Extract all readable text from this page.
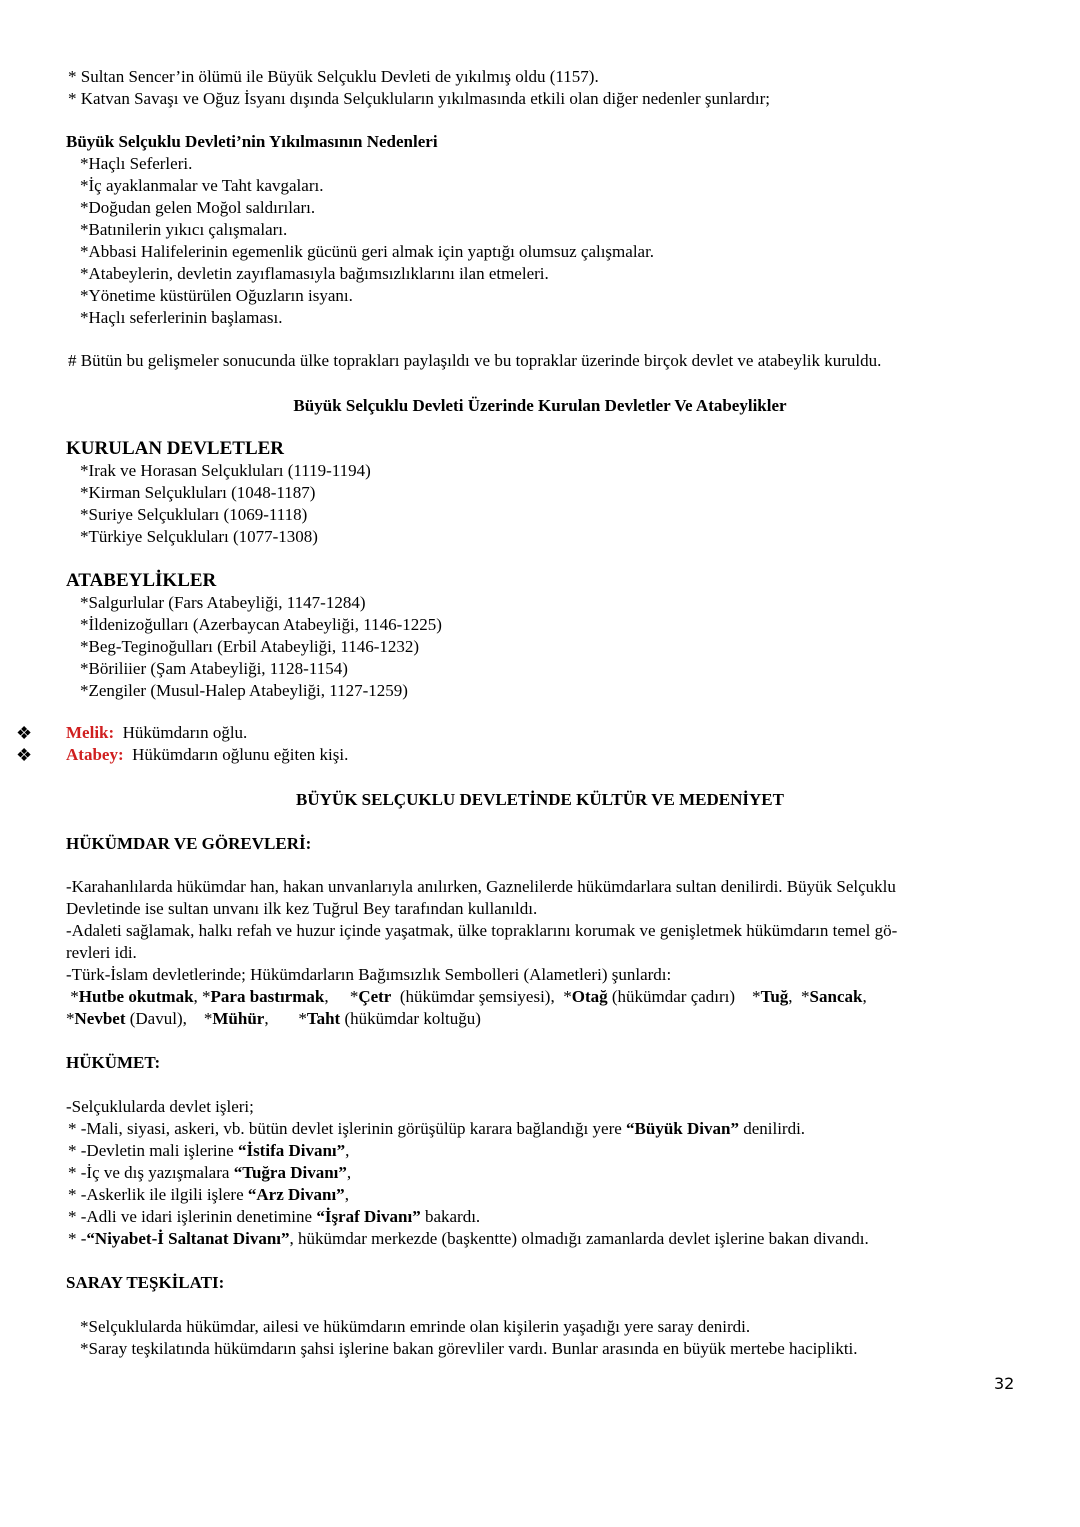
* Sultan Sencer’in ölümü ile Büyük Selçuklu Devleti de yıkılmış oldu (1157).
* Katvan Savaşı ve Oğuz İsyanı dışında Selçukluların yıkılmasında etkili olan diğer nedenler şunlardır;
Büyük Selçuklu Devleti’nin Yıkılmasının Nedenleri
*Haçlı Seferleri.
*İç ayaklanmalar ve Taht kavgaları.
*Doğudan gelen Moğol saldırıları.
*Batınilerin yıkıcı çalışmaları.
*Abbasi Halifelerinin egemenlik gücünü geri almak için yaptığı olumsuz çalışmalar.
*Atabeylerin, devletin zayıflamasıyla bağımsızlıklarını ilan etmeleri.
*Yönetime küstürülen Oğuzların isyanı.
*Haçlı seferlerinin başlaması.
# Bütün bu gelişmeler sonucunda ülke toprakları paylaşıldı ve bu topraklar üzerinde birçok devlet ve atabeylik kuruldu.
Büyük Selçuklu Devleti Üzerinde Kurulan Devletler Ve Atabeylikler
KURULAN DEVLETLER
*Irak ve Horasan Selçukluları (1119-1194)
*Kirman Selçukluları (1048-1187)
*Suriye Selçukluları (1069-1118)
*Türkiye Selçukluları (1077-1308)
ATABEYLİKLER
*Salgurlular (Fars Atabeyliği, 1147-1284)
*İldenizoğulları (Azerbaycan Atabeyliği, 1146-1225)
*Beg-Teginoğulları (Erbil Atabeyliği, 1146-1232)
*Böriliier (Şam Atabeyliği, 1128-1154)
*Zengiler (Musul-Halep Atabeyliği, 1127-1259)
❖ Melik: Hükümdarın oğlu.
❖ Atabey: Hükümdarın oğlunu eğiten kişi.
BÜYÜK SELÇUKLU DEVLETİNDE KÜLTÜR VE MEDENİYET
HÜKÜMDAR VE GÖREVLERİ:
-Karahanlılarda hükümdar han, hakan unvanlarıyla anılırken, Gaznelilerde hükümdarlara sultan denilirdi. Büyük Selçuklu
Devletinde ise sultan unvanı ilk kez Tuğrul Bey tarafından kullanıldı.
-Adaleti sağlamak, halkı refah ve huzur içinde yaşatmak, ülke topraklarını korumak ve genişletmek hükümdarın temel gö-
revleri idi.
-Türk-İslam devletlerinde; Hükümdarların Bağımsızlık Sembolleri (Alametleri) şunlardı:
*Hutbe okutmak, *Para bastırmak,     *Çetr  (hükümdar şemsiyesi),  *Otağ (hükümdar çadırı)    *Tuğ,  *Sancak,
*Nevbet (Davul),    *Mühür,       *Taht (hükümdar koltuğu)
HÜKÜMET:
-Selçuklularda devlet işleri;
* -Mali, siyasi, askeri, vb. bütün devlet işlerinin görüşülüp karara bağlandığı yere “Büyük Divan” denilirdi.
* -Devletin mali işlerine “İstifa Divanı”,
* -İç ve dış yazışmalara “Tuğra Divanı”,
* -Askerlik ile ilgili işlere “Arz Divanı”,
* -Adli ve idari işlerinin denetimine “İşraf Divanı” bakardı.
* -“Niyabet-İ Saltanat Divanı”, hükümdar merkezde (başkentte) olmadığı zamanlarda devlet işlerine bakan divandı.
SARAY TEŞKİLATI:
*Selçuklularda hükümdar, ailesi ve hükümdarın emrinde olan kişilerin yaşadığı yere saray denirdi.
*Saray teşkilatında hükümdarın şahsi işlerine bakan görevliler vardı. Bunlar arasında en büyük mertebe haciplikti.
32
